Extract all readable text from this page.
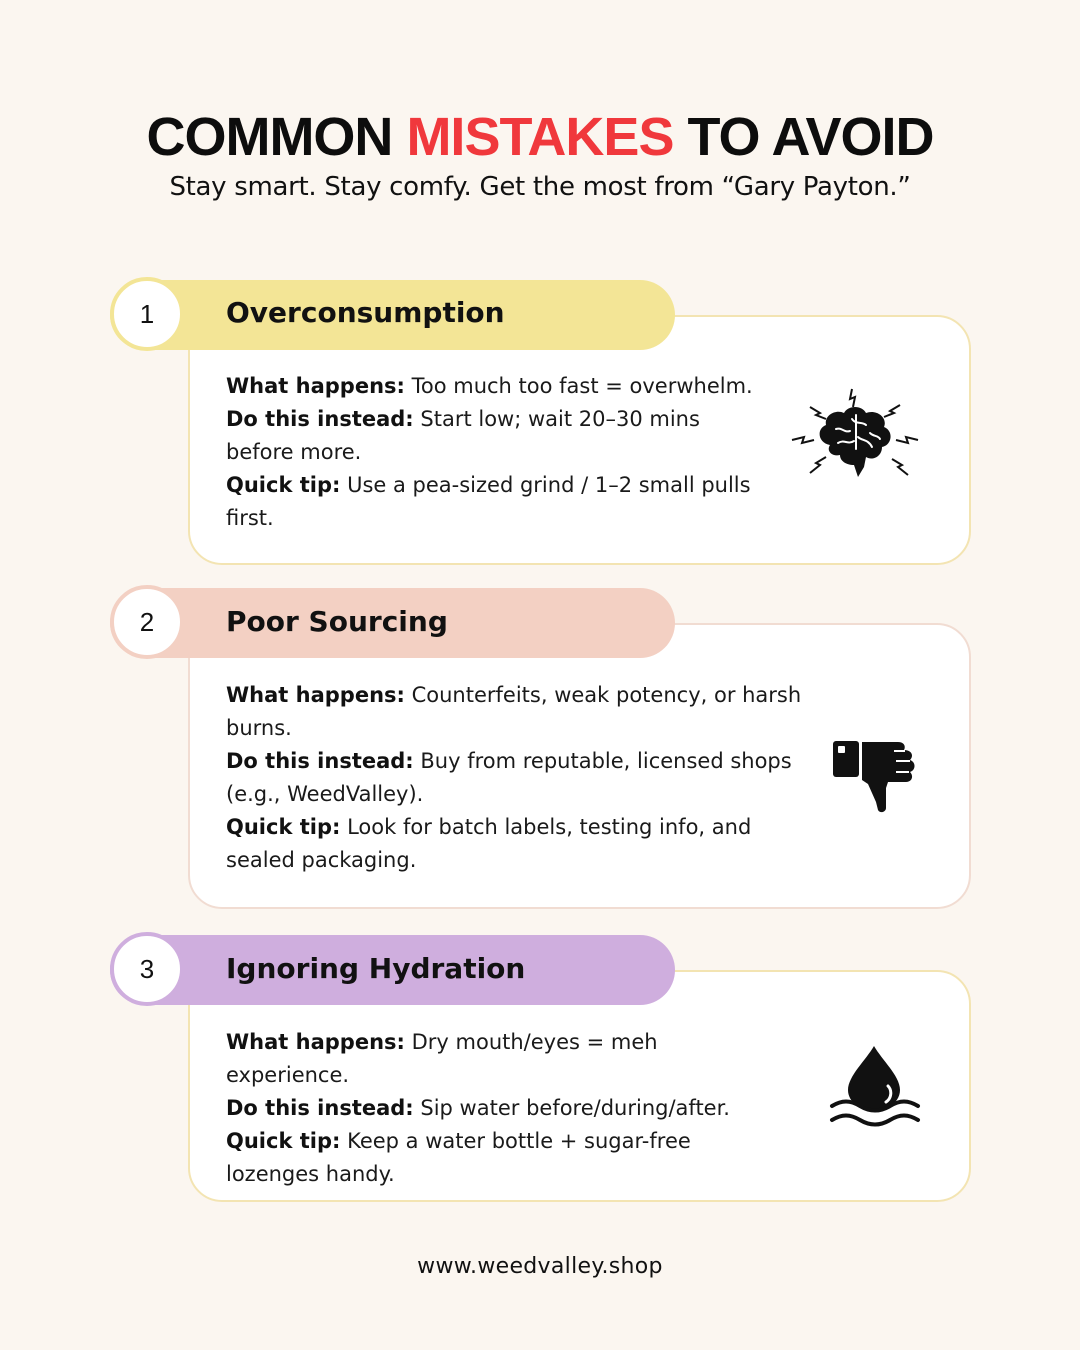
COMMON MISTAKES TO AVOID
Stay smart. Stay comfy. Get the most from “Gary Payton.”
1	Overconsumption

What happens: Too much too fast = overwhelm.

Do this instead: Start low; wait 20–30 mins before more.

Quick tip: Use a pea-sized grind / 1–2 small pulls first.

2	Poor Sourcing

What happens: Counterfeits, weak potency, or harsh burns.

Do this instead: Buy from reputable, licensed shops (e.g., WeedValley).

Quick tip: Look for batch labels, testing info, and sealed packaging.

3	Ignoring Hydration

What happens: Dry mouth/eyes = meh experience.

Do this instead: Sip water before/during/after.

Quick tip: Keep a water bottle + sugar-free lozenges handy.

www.weedvalley.shop
